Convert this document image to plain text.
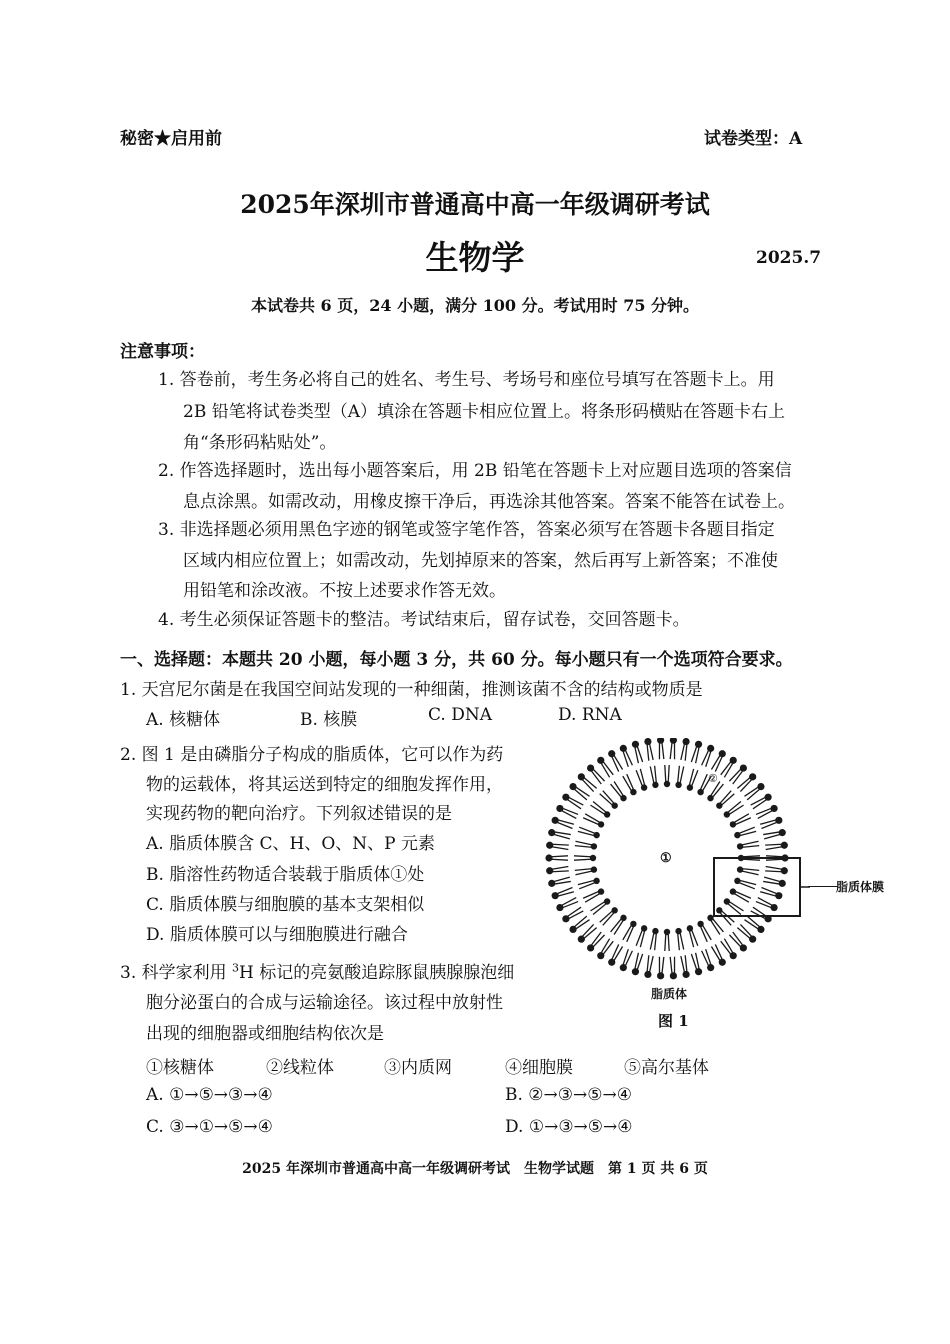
秘密★启用前	试卷类型：A
2025年深圳市普通高中高一年级调研考试
生物学	2025.7
本试卷共 6 页，24 小题，满分 100 分。考试用时 75 分钟。
注意事项：
1. 答卷前，考生务必将自己的姓名、考生号、考场号和座位号填写在答题卡上。用
2B 铅笔将试卷类型（A）填涂在答题卡相应位置上。将条形码横贴在答题卡右上
角“条形码粘贴处”。
2. 作答选择题时，选出每小题答案后，用 2B 铅笔在答题卡上对应题目选项的答案信
息点涂黑。如需改动，用橡皮擦干净后，再选涂其他答案。答案不能答在试卷上。
3. 非选择题必须用黑色字迹的钢笔或签字笔作答，答案必须写在答题卡各题目指定
区域内相应位置上；如需改动，先划掉原来的答案，然后再写上新答案；不准使
用铅笔和涂改液。不按上述要求作答无效。
4. 考生必须保证答题卡的整洁。考试结束后，留存试卷，交回答题卡。
一、选择题：本题共 20 小题，每小题 3 分，共 60 分。每小题只有一个选项符合要求。
1. 天宫尼尔菌是在我国空间站发现的一种细菌，推测该菌不含的结构或物质是
A. 核糖体	B. 核膜	C. DNA	D. RNA
2. 图 1 是由磷脂分子构成的脂质体，它可以作为药
物的运载体，将其运送到特定的细胞发挥作用，
实现药物的靶向治疗。下列叙述错误的是
A. 脂质体膜含 C、H、O、N、P 元素
B. 脂溶性药物适合装载于脂质体①处
C. 脂质体膜与细胞膜的基本支架相似
D. 脂质体膜可以与细胞膜进行融合
3. 科学家利用 $^3$H 标记的亮氨酸追踪豚鼠胰腺腺泡细
胞分泌蛋白的合成与运输途径。该过程中放射性
出现的细胞器或细胞结构依次是
①核糖体	②线粒体	③内质网	④细胞膜	⑤高尔基体
A. ①→⑤→③→④	B. ②→③→⑤→④
C. ③→①→⑤→④	D. ①→③→⑤→④
①
②
脂质体膜
脂质体
图 1
2025 年深圳市普通高中高一年级调研考试　生物学试题　第 1 页 共 6 页
